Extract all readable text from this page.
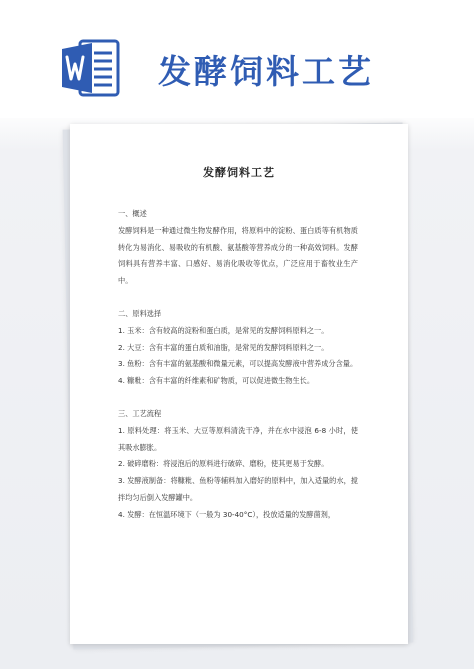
发酵饲料工艺
发酵饲料工艺

一、概述

发酵饲料是一种通过微生物发酵作用，将原料中的淀粉、蛋白质等有机物质转化为易消化、易吸收的有机酸、氨基酸等营养成分的一种高效饲料。发酵饲料具有营养丰富、口感好、易消化吸收等优点，广泛应用于畜牧业生产中。

二、原料选择

1. 玉米：含有较高的淀粉和蛋白质，是常见的发酵饲料原料之一。

2. 大豆：含有丰富的蛋白质和油脂，是常见的发酵饲料原料之一。

3. 鱼粉：含有丰富的氨基酸和微量元素，可以提高发酵液中营养成分含量。

4. 糠粃：含有丰富的纤维素和矿物质，可以促进微生物生长。

三、工艺流程

1. 原料处理：将玉米、大豆等原料清洗干净，并在水中浸泡 6-8 小时，使其吸水膨胀。

2. 破碎磨粉：将浸泡后的原料进行破碎、磨粉，使其更易于发酵。

3. 发酵液制备：将糠粃、鱼粉等辅料加入磨好的原料中，加入适量的水，搅拌均匀后倒入发酵罐中。

4. 发酵：在恒温环境下（一般为 30-40°C），投放适量的发酵菌剂，
